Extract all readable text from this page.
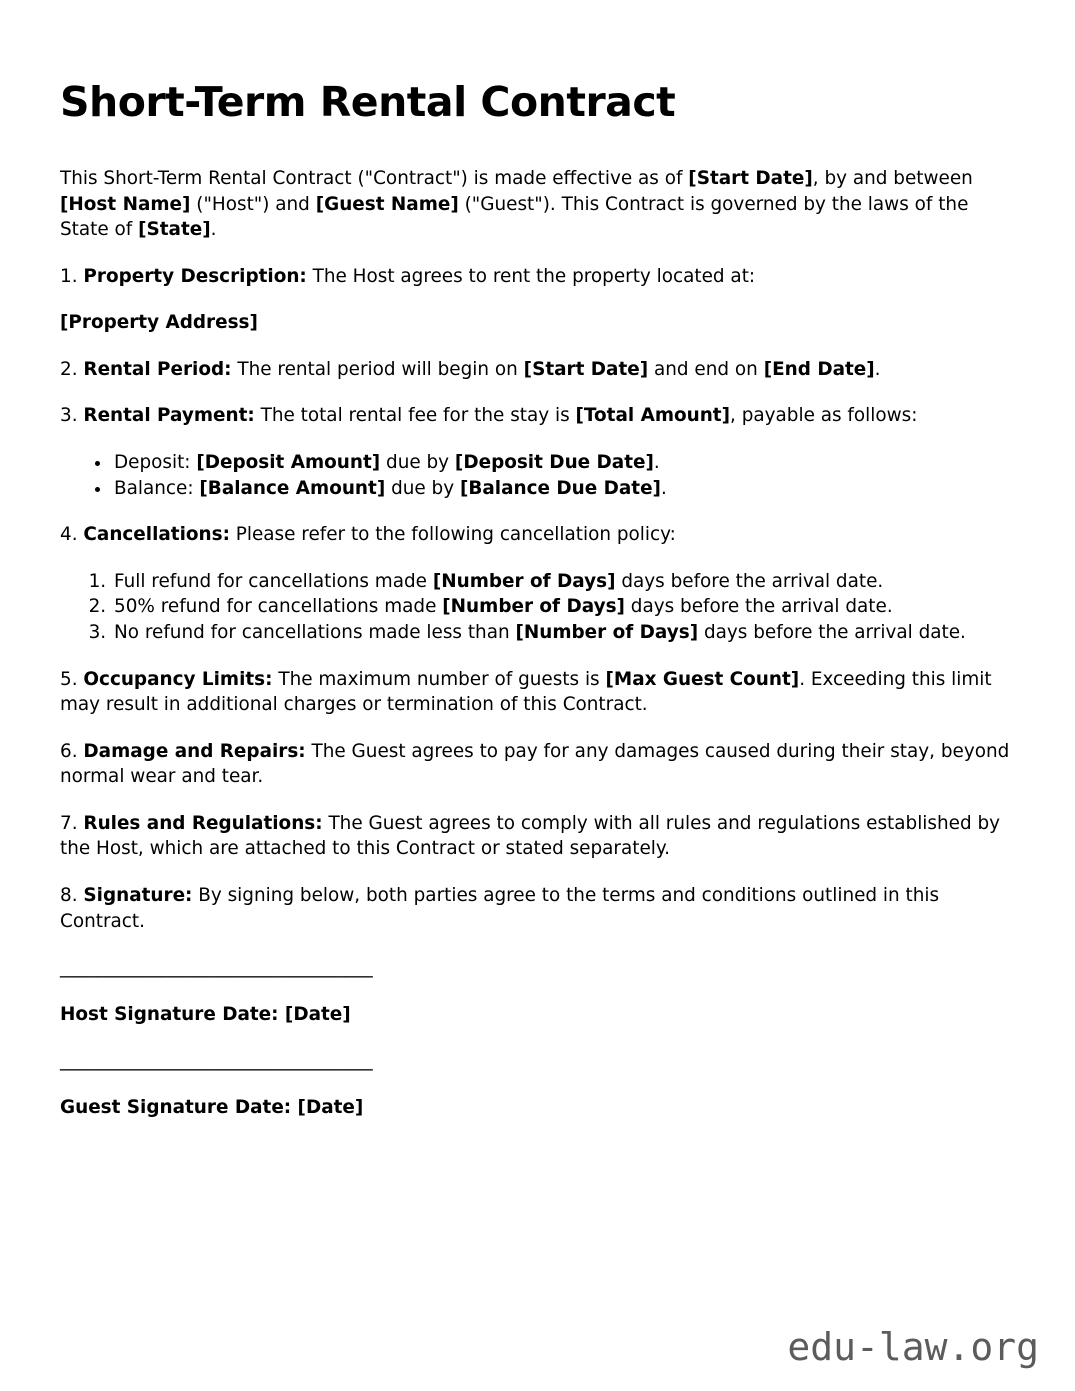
Short-Term Rental Contract

This Short-Term Rental Contract ("Contract") is made effective as of [Start Date], by and between [Host Name] ("Host") and [Guest Name] ("Guest"). This Contract is governed by the laws of the State of [State].

1. Property Description: The Host agrees to rent the property located at:

[Property Address]

2. Rental Period: The rental period will begin on [Start Date] and end on [End Date].

3. Rental Payment: The total rental fee for the stay is [Total Amount], payable as follows:

• Deposit: [Deposit Amount] due by [Deposit Due Date].
• Balance: [Balance Amount] due by [Balance Due Date].

4. Cancellations: Please refer to the following cancellation policy:

1. Full refund for cancellations made [Number of Days] days before the arrival date.
2. 50% refund for cancellations made [Number of Days] days before the arrival date.
3. No refund for cancellations made less than [Number of Days] days before the arrival date.

5. Occupancy Limits: The maximum number of guests is [Max Guest Count]. Exceeding this limit may result in additional charges or termination of this Contract.

6. Damage and Repairs: The Guest agrees to pay for any damages caused during their stay, beyond normal wear and tear.

7. Rules and Regulations: The Guest agrees to comply with all rules and regulations established by the Host, which are attached to this Contract or stated separately.

8. Signature: By signing below, both parties agree to the terms and conditions outlined in this Contract.

__________________________________

Host Signature Date: [Date]

__________________________________

Guest Signature Date: [Date]

edu-law.org
